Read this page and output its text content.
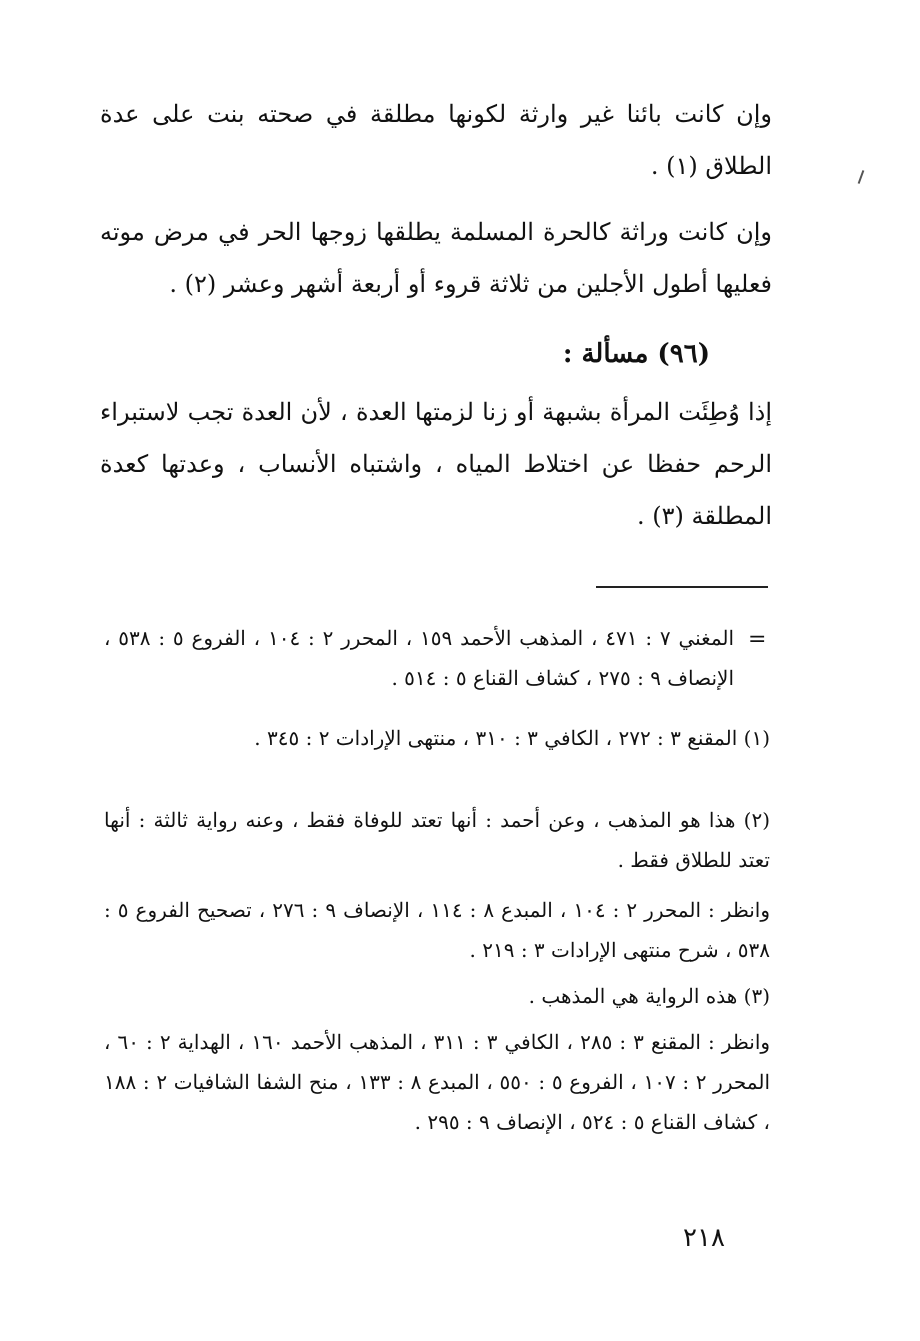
وإن كانت بائنا غير وارثة لكونها مطلقة في صحته بنت على عدة الطلاق (١) .
وإن كانت وراثة كالحرة المسلمة يطلقها زوجها الحر في مرض موته فعليها أطول الأجلين من ثلاثة قروء أو أربعة أشهر وعشر (٢) .
(٩٦) مسألة :
إذا وُطِئَت المرأة بشبهة أو زنا لزمتها العدة ، لأن العدة تجب لاستبراء الرحم حفظا عن اختلاط المياه ، واشتباه الأنساب ، وعدتها كعدة المطلقة (٣) .
=
المغني ٧ : ٤٧١ ، المذهب الأحمد ١٥٩ ، المحرر ٢ : ١٠٤ ، الفروع ٥ : ٥٣٨ ، الإنصاف ٩ : ٢٧٥ ، كشاف القناع ٥ : ٥١٤ .
(١) المقنع ٣ : ٢٧٢ ، الكافي ٣ : ٣١٠ ، منتهى الإرادات ٢ : ٣٤٥ .
(٢) هذا هو المذهب ، وعن أحمد : أنها تعتد للوفاة فقط ، وعنه رواية ثالثة : أنها تعتد للطلاق فقط .
وانظر : المحرر ٢ : ١٠٤ ، المبدع ٨ : ١١٤ ، الإنصاف ٩ : ٢٧٦ ، تصحيح الفروع ٥ : ٥٣٨ ، شرح منتهى الإرادات ٣ : ٢١٩ .
(٣) هذه الرواية هي المذهب .
وانظر : المقنع ٣ : ٢٨٥ ، الكافي ٣ : ٣١١ ، المذهب الأحمد ١٦٠ ، الهداية ٢ : ٦٠ ، المحرر ٢ : ١٠٧ ، الفروع ٥ : ٥٥٠ ، المبدع ٨ : ١٣٣ ، منح الشفا الشافيات ٢ : ١٨٨ ، كشاف القناع ٥ : ٥٢٤ ، الإنصاف ٩ : ٢٩٥ .
٢١٨
